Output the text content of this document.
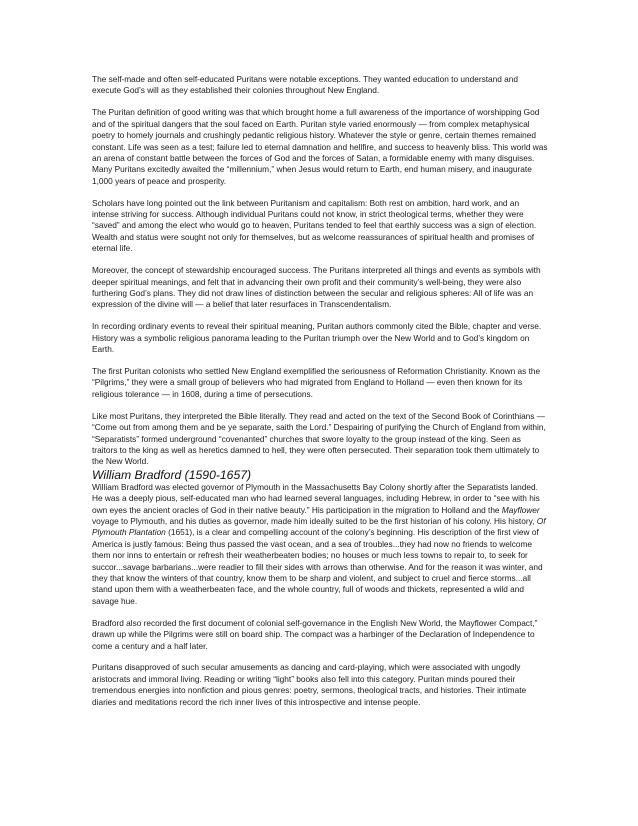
The self-made and often self-educated Puritans were notable exceptions. They wanted education to understand and execute God’s will as they established their colonies throughout New England.

The Puritan definition of good writing was that which brought home a full awareness of the importance of worshipping God and of the spiritual dangers that the soul faced on Earth. Puritan style varied enormously — from complex metaphysical poetry to homely journals and crushingly pedantic religious history. Whatever the style or genre, certain themes remained constant. Life was seen as a test; failure led to eternal damnation and hellfire, and success to heavenly bliss. This world was an arena of constant battle between the forces of God and the forces of Satan, a formidable enemy with many disguises. Many Puritans excitedly awaited the “millennium,” when Jesus would return to Earth, end human misery, and inaugurate 1,000 years of peace and prosperity.

Scholars have long pointed out the link between Puritanism and capitalism: Both rest on ambition, hard work, and an intense striving for success. Although individual Puritans could not know, in strict theological terms, whether they were “saved” and among the elect who would go to heaven, Puritans tended to feel that earthly success was a sign of election. Wealth and status were sought not only for themselves, but as welcome reassurances of spiritual health and promises of eternal life.

Moreover, the concept of stewardship encouraged success. The Puritans interpreted all things and events as symbols with deeper spiritual meanings, and felt that in advancing their own profit and their community’s well-being, they were also furthering God’s plans. They did not draw lines of distinction between the secular and religious spheres: All of life was an expression of the divine will — a belief that later resurfaces in Transcendentalism.

In recording ordinary events to reveal their spiritual meaning, Puritan authors commonly cited the Bible, chapter and verse. History was a symbolic religious panorama leading to the Puritan triumph over the New World and to God’s kingdom on Earth.

The first Puritan colonists who settled New England exemplified the seriousness of Reformation Christianity. Known as the “Pilgrims,” they were a small group of believers who had migrated from England to Holland — even then known for its religious tolerance — in 1608, during a time of persecutions.

Like most Puritans, they interpreted the Bible literally. They read and acted on the text of the Second Book of Corinthians — “Come out from among them and be ye separate, saith the Lord.” Despairing of purifying the Church of England from within, “Separatists” formed underground “covenanted” churches that swore loyalty to the group instead of the king. Seen as traitors to the king as well as heretics damned to hell, they were often persecuted. Their separation took them ultimately to the New World.

William Bradford (1590-1657)

William Bradford was elected governor of Plymouth in the Massachusetts Bay Colony shortly after the Separatists landed. He was a deeply pious, self-educated man who had learned several languages, including Hebrew, in order to “see with his own eyes the ancient oracles of God in their native beauty.” His participation in the migration to Holland and the Mayflower voyage to Plymouth, and his duties as governor, made him ideally suited to be the first historian of his colony. His history, Of Plymouth Plantation (1651), is a clear and compelling account of the colony’s beginning. His description of the first view of America is justly famous: Being thus passed the vast ocean, and a sea of troubles...they had now no friends to welcome them nor inns to entertain or refresh their weatherbeaten bodies; no houses or much less towns to repair to, to seek for succor...savage barbarians...were readier to fill their sides with arrows than otherwise. And for the reason it was winter, and they that know the winters of that country, know them to be sharp and violent, and subject to cruel and fierce storms...all stand upon them with a weatherbeaten face, and the whole country, full of woods and thickets, represented a wild and savage hue.

Bradford also recorded the first document of colonial self-governance in the English New World, the Mayflower Compact,” drawn up while the Pilgrims were still on board ship. The compact was a harbinger of the Declaration of Independence to come a century and a half later.

Puritans disapproved of such secular amusements as dancing and card-playing, which were associated with ungodly aristocrats and immoral living. Reading or writing “light” books also fell into this category. Puritan minds poured their tremendous energies into nonfiction and pious genres: poetry, sermons, theological tracts, and histories. Their intimate diaries and meditations record the rich inner lives of this introspective and intense people.
